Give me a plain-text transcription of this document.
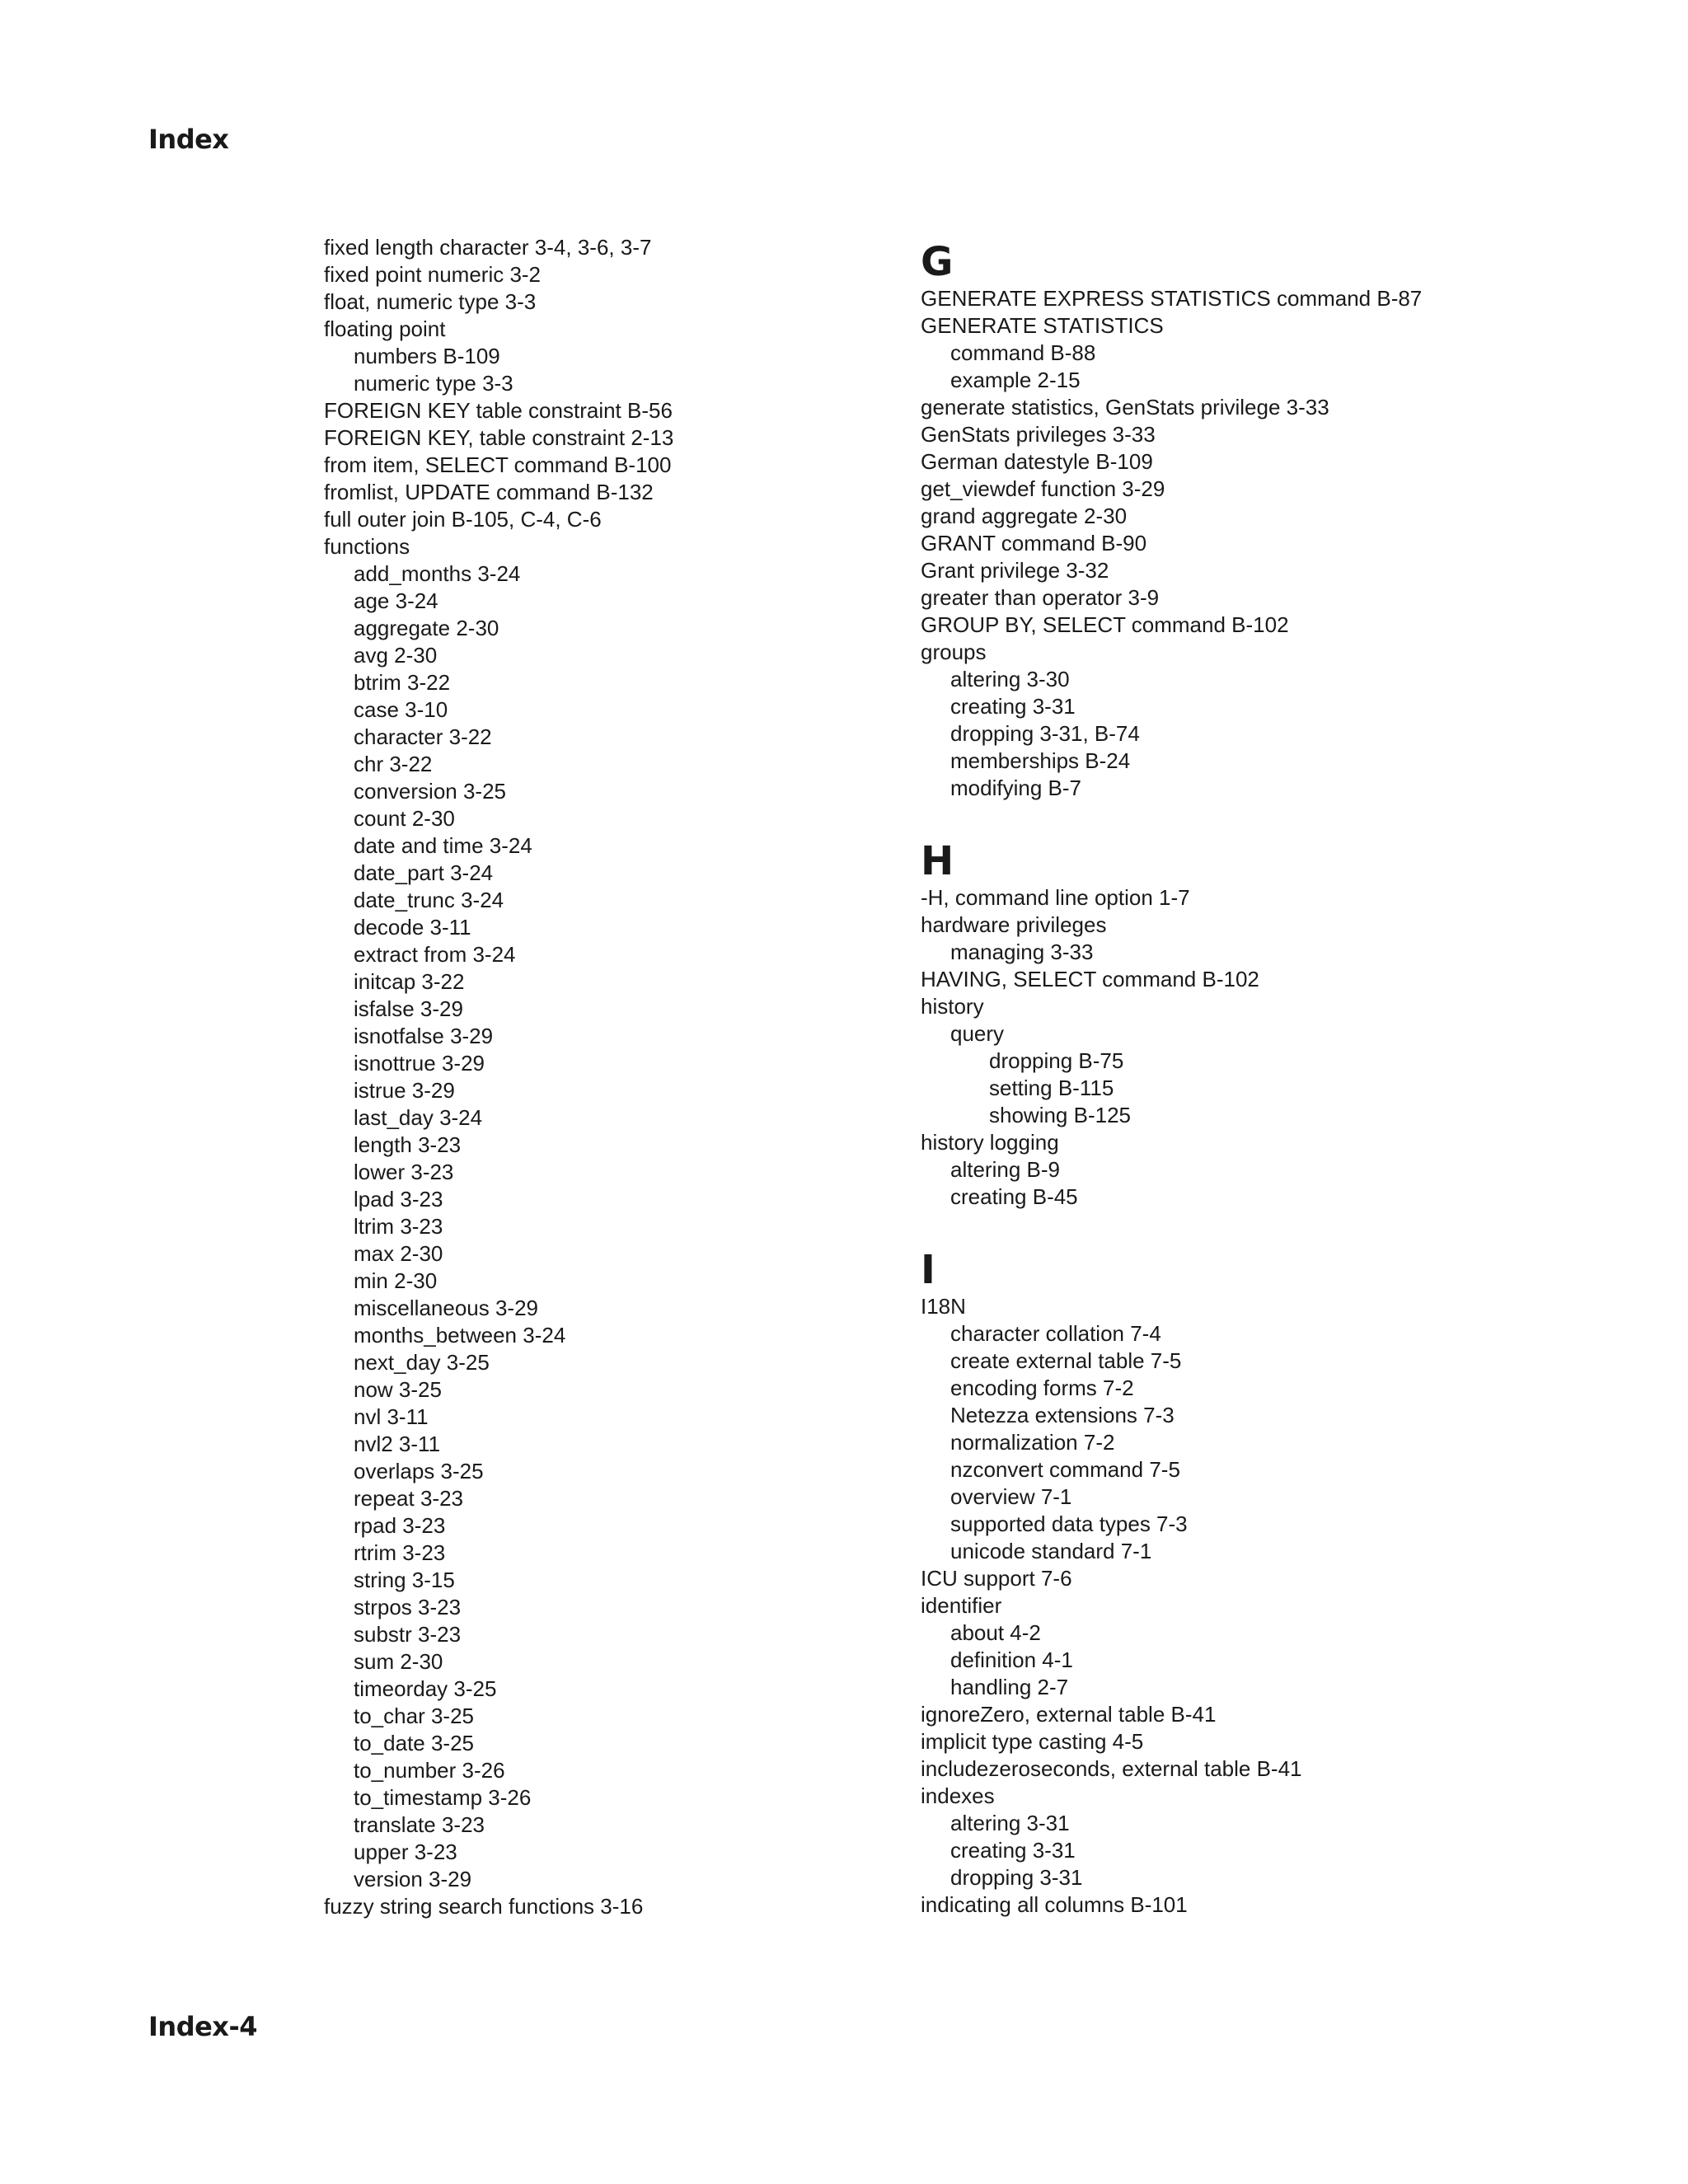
Index
fixed length character 3-4, 3-6, 3-7
fixed point numeric 3-2
float, numeric type 3-3
floating point
numbers B-109
numeric type 3-3
FOREIGN KEY table constraint B-56
FOREIGN KEY, table constraint 2-13
from item, SELECT command B-100
fromlist, UPDATE command B-132
full outer join B-105, C-4, C-6
functions
add_months 3-24
age 3-24
aggregate 2-30
avg 2-30
btrim 3-22
case 3-10
character 3-22
chr 3-22
conversion 3-25
count 2-30
date and time 3-24
date_part 3-24
date_trunc 3-24
decode 3-11
extract from 3-24
initcap 3-22
isfalse 3-29
isnotfalse 3-29
isnottrue 3-29
istrue 3-29
last_day 3-24
length 3-23
lower 3-23
lpad 3-23
ltrim 3-23
max 2-30
min 2-30
miscellaneous 3-29
months_between 3-24
next_day 3-25
now 3-25
nvl 3-11
nvl2 3-11
overlaps 3-25
repeat 3-23
rpad 3-23
rtrim 3-23
string 3-15
strpos 3-23
substr 3-23
sum 2-30
timeorday 3-25
to_char 3-25
to_date 3-25
to_number 3-26
to_timestamp 3-26
translate 3-23
upper 3-23
version 3-29
fuzzy string search functions 3-16
G
GENERATE EXPRESS STATISTICS command B-87
GENERATE STATISTICS
command B-88
example 2-15
generate statistics, GenStats privilege 3-33
GenStats privileges 3-33
German datestyle B-109
get_viewdef function 3-29
grand aggregate 2-30
GRANT command B-90
Grant privilege 3-32
greater than operator 3-9
GROUP BY, SELECT command B-102
groups
altering 3-30
creating 3-31
dropping 3-31, B-74
memberships B-24
modifying B-7
H
-H, command line option 1-7
hardware privileges
managing 3-33
HAVING, SELECT command B-102
history
query
dropping B-75
setting B-115
showing B-125
history logging
altering B-9
creating B-45
I
I18N
character collation 7-4
create external table 7-5
encoding forms 7-2
Netezza extensions 7-3
normalization 7-2
nzconvert command 7-5
overview 7-1
supported data types 7-3
unicode standard 7-1
ICU support 7-6
identifier
about 4-2
definition 4-1
handling 2-7
ignoreZero, external table B-41
implicit type casting 4-5
includezeroseconds, external table B-41
indexes
altering 3-31
creating 3-31
dropping 3-31
indicating all columns B-101
Index-4
